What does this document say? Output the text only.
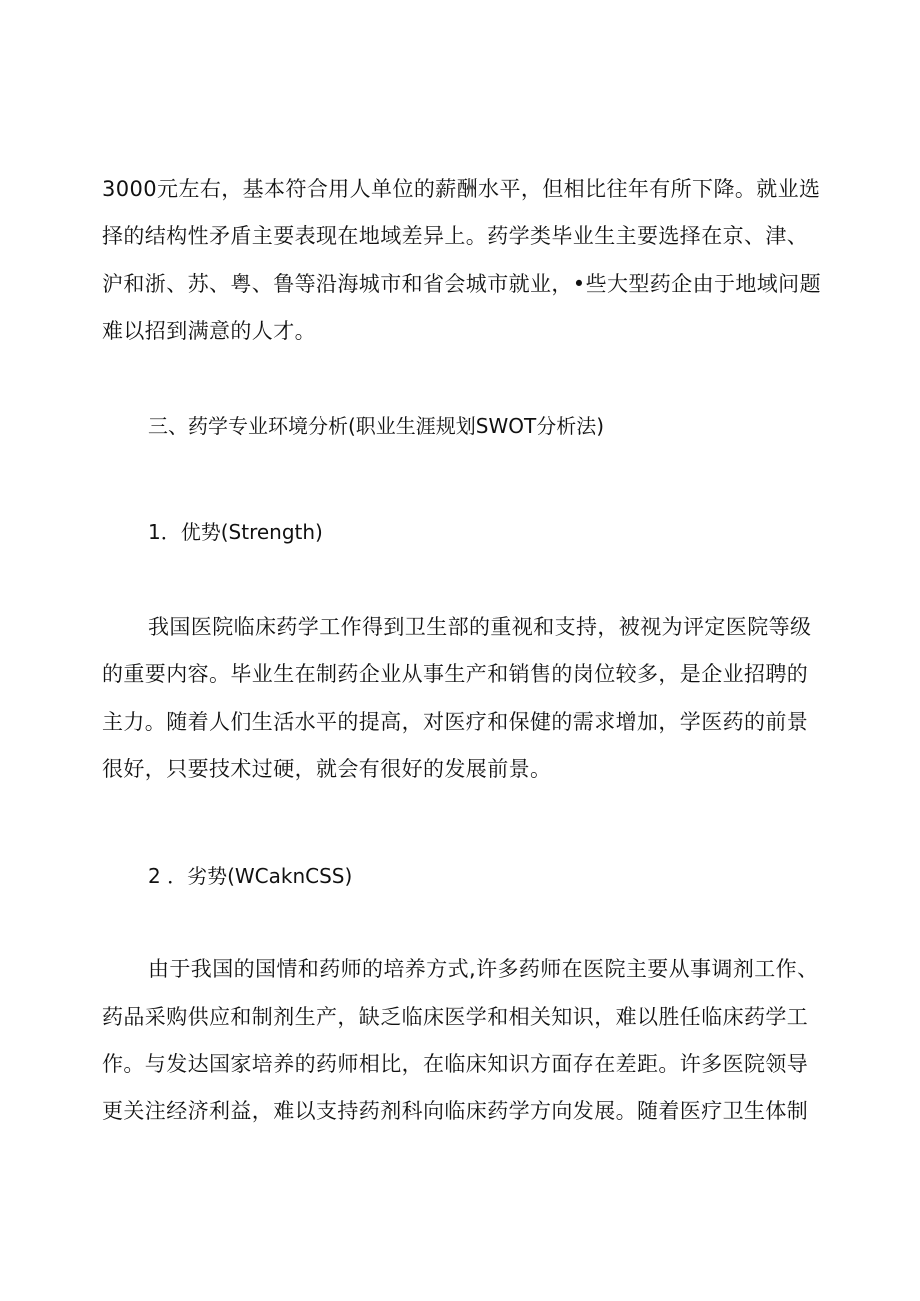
3000元左右，基本符合用人单位的薪酬水平，但相比往年有所下降。就业选
择的结构性矛盾主要表现在地域差异上。药学类毕业生主要选择在京、津、
沪和浙、苏、粤、鲁等沿海城市和省会城市就业，•些大型药企由于地域问题
难以招到满意的人才。
三、药学专业环境分析(职业生涯规划SWOT分析法)
1．优势(Strength)
我国医院临床药学工作得到卫生部的重视和支持，被视为评定医院等级
的重要内容。毕业生在制药企业从事生产和销售的岗位较多，是企业招聘的
主力。随着人们生活水平的提高，对医疗和保健的需求增加，学医药的前景
很好，只要技术过硬，就会有很好的发展前景。
2 ．劣势(WCaknCSS)
由于我国的国情和药师的培养方式,许多药师在医院主要从事调剂工作、
药品采购供应和制剂生产，缺乏临床医学和相关知识，难以胜任临床药学工
作。与发达国家培养的药师相比，在临床知识方面存在差距。许多医院领导
更关注经济利益，难以支持药剂科向临床药学方向发展。随着医疗卫生体制
